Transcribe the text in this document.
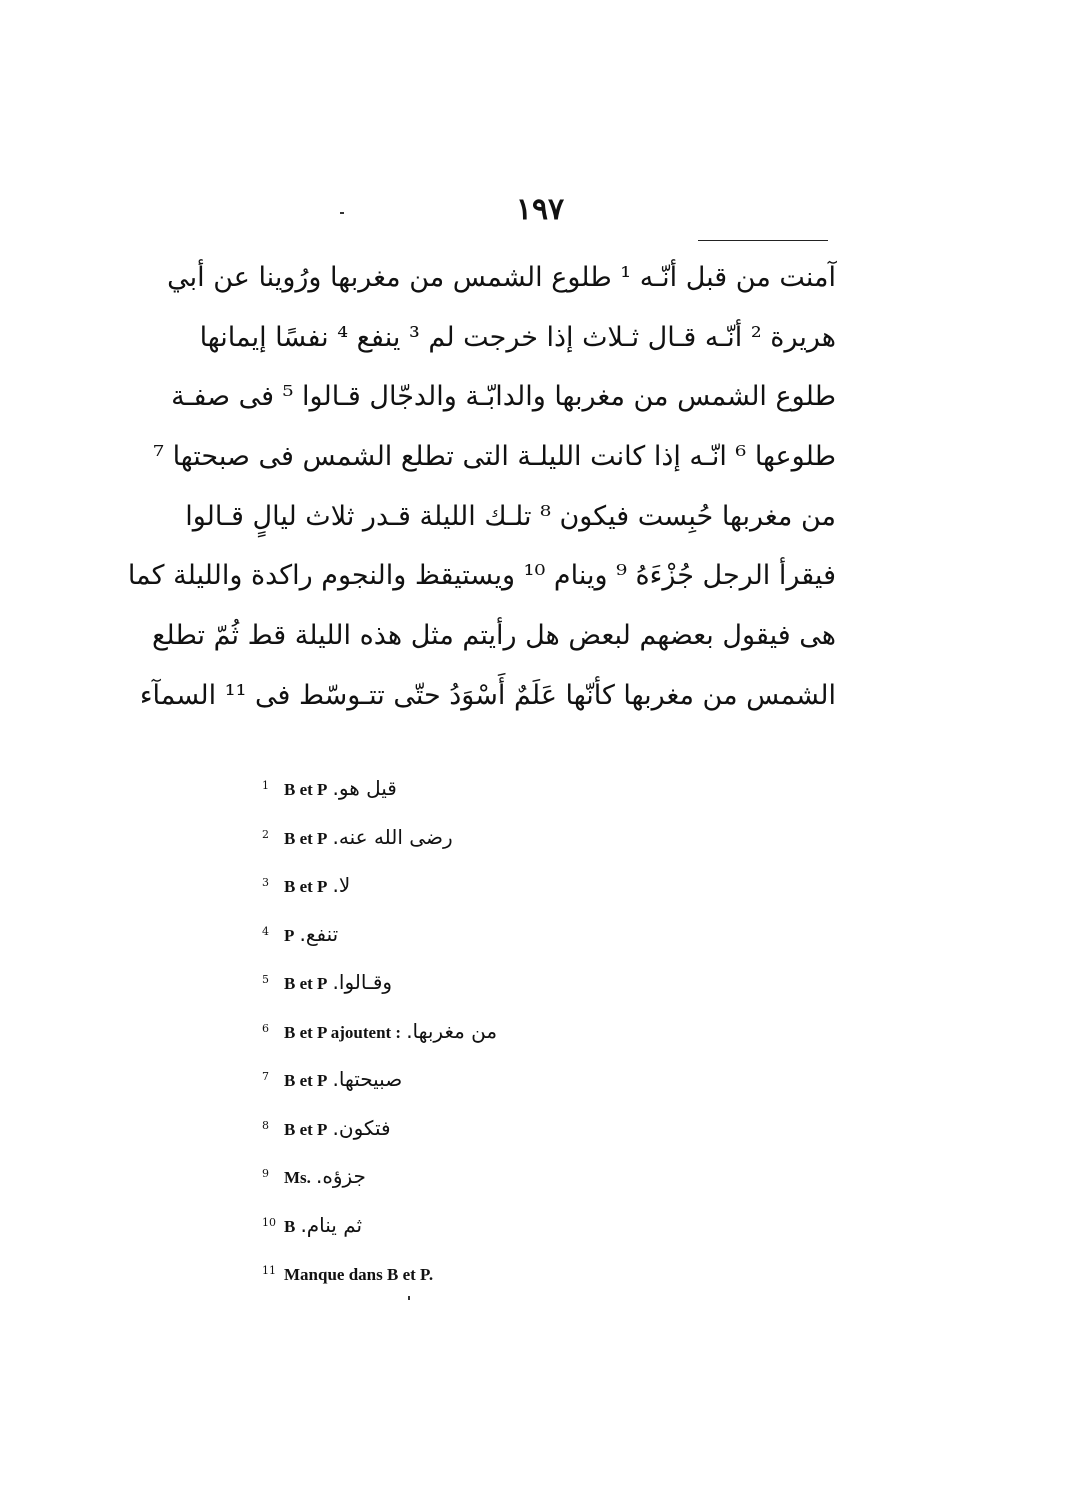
١٩٧
آمنت من قبل أنّـه ¹ طلوع الشمس من مغربها ورُوينا عن أبي
هريرة ² أنّـه قـال ثـلاث إذا خرجت لم ³ ينفع ⁴ نفسًا إيمانها
طلوع الشمس من مغربها والدابّـة والدجّال قـالوا ⁵ فى صفـة
طلوعها ⁶ انّـه إذا كانت الليلـة التى تطلع الشمس فى صبحتها ⁷
من مغربها حُبِست فيكون ⁸ تلـك الليلة قـدر ثلاث ليالٍ قـالوا
فيقرأ الرجل جُزْءَهُ ⁹ وينام ¹⁰ ويستيقظ والنجوم راكدة والليلة كما
هى فيقول بعضهم لبعض هل رأيتم مثل هذه الليلة قط ثُمّ تطلع
الشمس من مغربها كأنّها عَلَمٌ أَسْوَدُ حتّى تتـوسّط فى ¹¹ السمآء
1 B et P قيل هو.
2 B et P رضى الله عنه.
3 B et P لا.
4 P تنفع.
5 B et P وقـالوا.
6 B et P ajoutent : من مغربها.
7 B et P صبيحتها.
8 B et P فتكون.
9 Ms. جزؤه.
10 B ثم ينام.
11 Manque dans B et P.
